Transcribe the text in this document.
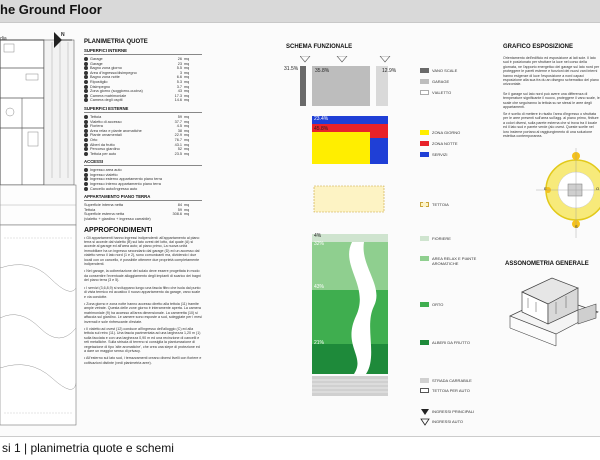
he Ground Floor
dia
N
PLANIMETRIA QUOTE
SUPERFICI INTERNE
Garage	26	mq
Garage	23	mq
Bagno zona giorno	5.5	mq
Area d'ingresso/disimpegno	3	mq
Bagno zona notte	6.6	mq
Ripostiglio	5.3	mq
Disimpegno	3.7	mq
Zona giorno (soggiorno-cucina)	43	mq
Camera matrimoniale	17.3	mq
Camera degli ospiti	14.6	mq
SUPERFICI ESTERNE
Tettoia	59	mq
Vialetto di accesso	37.7	mq
Fioriera	4.5	mq
Area relax e piante aromatiche	38	mq
Piante ornamentali	22.9	mq
Orto	76.7	mq
Alberi da frutto	43.1	mq
Percorso giardino	52	mq
Tettoia per auto	23.5	mq
ACCESSI
Ingresso area auto
Ingresso vialetto
Ingresso esterno appartamento piano terra
Ingresso interno appartamento piano terra
Cancello auto/Ingresso auto
APPARTAMENTO PIANO TERRA
Superficie interna netta	84	mq
Tettoia	59	mq
Superficie esterna netta	308.6	mq
(vialetto + giardino + ingresso carrabile)		
APPROFONDIMENTI
• Gli appartamenti hanno ingressi indipendenti: all'appartamento al piano terra si accede dal vialetto (B) sul lato ovest del lotto, dal quale (A) si accede al garage ed all'area auto; al piano primo, La nuova unità immobiliare ha un ingresso secondario dal garage (D) ed un accesso dal vialetto verso il lato nord (1 e 2), sono comunicanti ma, dividendo i due locali con un cancello, è possibile ottenere due proprietà completamente indipendenti.
• Nei garage, la coibentazione del solaio deve essere progettata in modo da consentire l'eventuale alloggiamento degli impianti di scarico dei bagni del piano terra (3 e 5).
• I servizi (3,6,8,9) si sviluppano lungo una fascia filtro che isola dal punto di vista termico ed acustico il nuovo appartamento da garage, vano scale e via condotte.
• Zona giorno e zona notte hanno accesso diretto alla tettoia (11) tramite ampie vetrate. Questa delle zone giorno è interamente aperta. La camera matrimoniale (9) ha accesso all'area dimensionale. La cameretta (10) si affaccia sul giardino. Le camere sono esposte a sud, soleggiate per i mesi invernali e sole rinfrescante d'estate.
• Il vialetto ad ovest (12) conduce all'ingresso dell'alloggio (C) ed alla tettoia sul retro (11). Una fascia pavimentata ad una larghezza 1,20 m (1) sulla facciata e con una larghezza 0,90 m ed una recinzione di cancelli e reti metalliche. Sulla striscia di terreno si consiglia la piantumazione di vegetazione di tipo 'alte aromatiche', che crea una siepe di protezione ed a dare un maggior senso di privacy.
• All'esterno sul lato sud, i terrazzamenti creano diversi livelli con fioriere e coltivazioni distinte (vedi planimetria aree).
SCHEMA FUNZIONALE
31.5%	35.8%	12.9%
23.4%
45.8%
4%
32%
43%
21%
VANO SCALE
GARAGE
VIALETTO
ZONA GIORNO
ZONA NOTTE
SERVIZI
TETTOIA
FIORIERE
AREA RELAX E PIANTE AROMATICHE
ORTO
ALBERI DA FRUTTO
STRADA CARRABILE
TETTOIA PER AUTO
INGRESSI PRINCIPALI
INGRESSI AUTO
GRAFICO ESPOSIZIONE
Orientamento dell'edificio ed esposizione ai lati sole. Il lato sud è posizionato per sfruttare la luce nel corso della giornata, ne l'apporto energetico dei garage sul lato nord per proteggere le pareti esterne e funzioni dei nuovi vani interni hanno esigenze di luce l'esposizione a nord capaci esposizione alla sua fra du an disegno schematico del piano orizzontale.
Se il garage sul lato nord può avere una differenza di temperature significante il nuovo, proteggere il vano scale, le scale che seguiranno la tettoia su se stessi le aree degli appartamenti.
Se è scelto di mettere in risalto l'area d'ingresso o sfruttata per le aree presenti sull'area sull'agg. al piano primo, finiture a colori diversi, sulla parete esterna che si trova tra il locale ed il lato sud e parete verde (alo ovest. Queste scelte nel loro insieme portano al raggiungimento di una soluzione estetica contemporanea.
E
S
O
ASSONOMETRIA GENERALE
si 1 | planimetria quote e schemi
